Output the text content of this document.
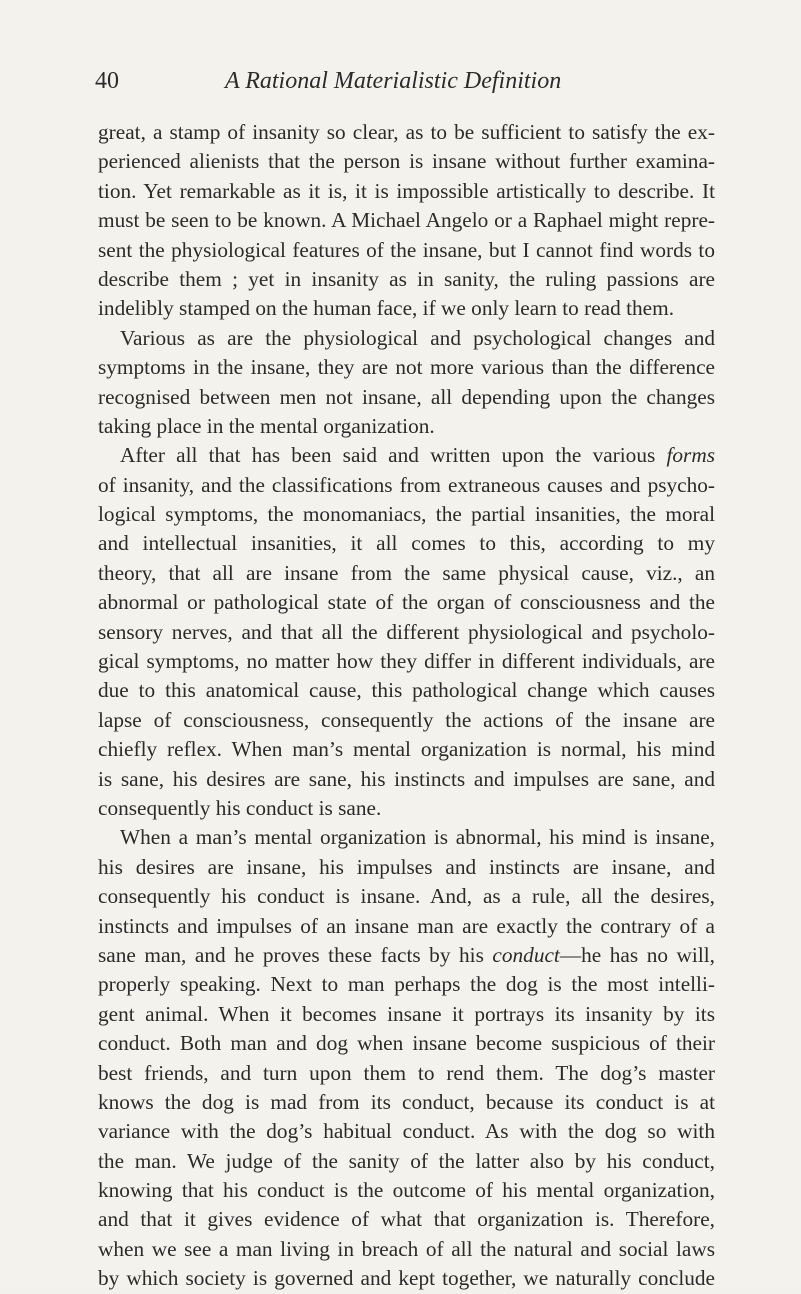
40	A Rational Materialistic Definition
great, a stamp of insanity so clear, as to be sufficient to satisfy the ex-
perienced alienists that the person is insane without further examina-
tion. Yet remarkable as it is, it is impossible artistically to describe. It
must be seen to be known. A Michael Angelo or a Raphael might repre-
sent the physiological features of the insane, but I cannot find words to
describe them ; yet in insanity as in sanity, the ruling passions are
indelibly stamped on the human face, if we only learn to read them.
Various as are the physiological and psychological changes and
symptoms in the insane, they are not more various than the difference
recognised between men not insane, all depending upon the changes
taking place in the mental organization.
After all that has been said and written upon the various forms
of insanity, and the classifications from extraneous causes and psycho-
logical symptoms, the monomaniacs, the partial insanities, the moral
and intellectual insanities, it all comes to this, according to my
theory, that all are insane from the same physical cause, viz., an
abnormal or pathological state of the organ of consciousness and the
sensory nerves, and that all the different physiological and psycholo-
gical symptoms, no matter how they differ in different individuals, are
due to this anatomical cause, this pathological change which causes
lapse of consciousness, consequently the actions of the insane are
chiefly reflex. When man’s mental organization is normal, his mind
is sane, his desires are sane, his instincts and impulses are sane, and
consequently his conduct is sane.
When a man’s mental organization is abnormal, his mind is insane,
his desires are insane, his impulses and instincts are insane, and
consequently his conduct is insane. And, as a rule, all the desires,
instincts and impulses of an insane man are exactly the contrary of a
sane man, and he proves these facts by his conduct—he has no will,
properly speaking. Next to man perhaps the dog is the most intelli-
gent animal. When it becomes insane it portrays its insanity by its
conduct. Both man and dog when insane become suspicious of their
best friends, and turn upon them to rend them. The dog’s master
knows the dog is mad from its conduct, because its conduct is at
variance with the dog’s habitual conduct. As with the dog so with
the man. We judge of the sanity of the latter also by his conduct,
knowing that his conduct is the outcome of his mental organization,
and that it gives evidence of what that organization is. Therefore,
when we see a man living in breach of all the natural and social laws
by which society is governed and kept together, we naturally conclude
